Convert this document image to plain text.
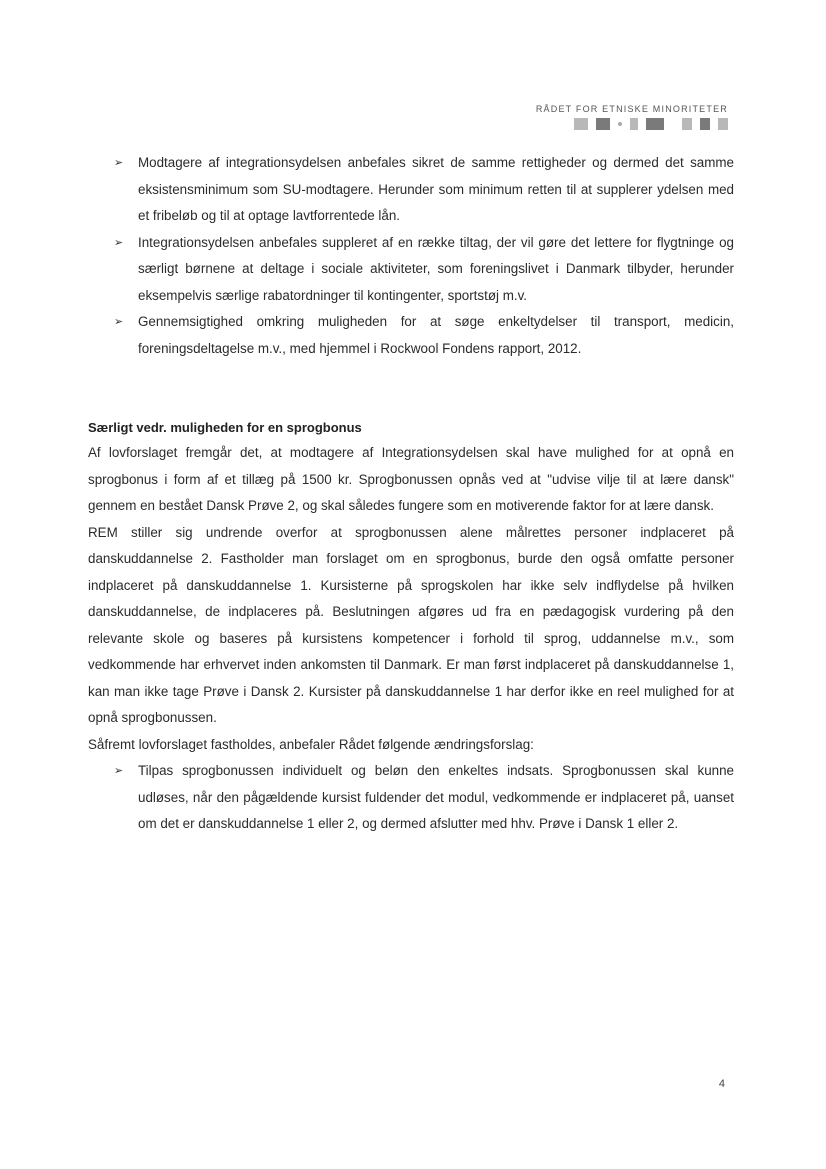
RÅDET FOR ETNISKE MINORITETER
➢ Modtagere af integrationsydelsen anbefales sikret de samme rettigheder og dermed det samme eksistensminimum som SU-modtagere. Herunder som minimum retten til at supplerer ydelsen med et fribeløb og til at optage lavtforrentede lån.
➢ Integrationsydelsen anbefales suppleret af en række tiltag, der vil gøre det lettere for flygtninge og særligt børnene at deltage i sociale aktiviteter, som foreningslivet i Danmark tilbyder, herunder eksempelvis særlige rabatordninger til kontingenter, sportstøj m.v.
➢ Gennemsigtighed omkring muligheden for at søge enkeltydelser til transport, medicin, foreningsdeltagelse m.v., med hjemmel i Rockwool Fondens rapport, 2012.
Særligt vedr. muligheden for en sprogbonus

Af lovforslaget fremgår det, at modtagere af Integrationsydelsen skal have mulighed for at opnå en sprogbonus i form af et tillæg på 1500 kr. Sprogbonussen opnås ved at "udvise vilje til at lære dansk" gennem en bestået Dansk Prøve 2, og skal således fungere som en motiverende faktor for at lære dansk.

REM stiller sig undrende overfor at sprogbonussen alene målrettes personer indplaceret på danskuddannelse 2. Fastholder man forslaget om en sprogbonus, burde den også omfatte personer indplaceret på danskuddannelse 1. Kursisterne på sprogskolen har ikke selv indflydelse på hvilken danskuddannelse, de indplaceres på. Beslutningen afgøres ud fra en pædagogisk vurdering på den relevante skole og baseres på kursistens kompetencer i forhold til sprog, uddannelse m.v., som vedkommende har erhvervet inden ankomsten til Danmark. Er man først indplaceret på danskuddannelse 1, kan man ikke tage Prøve i Dansk 2. Kursister på danskuddannelse 1 har derfor ikke en reel mulighed for at opnå sprogbonussen.

Såfremt lovforslaget fastholdes, anbefaler Rådet følgende ændringsforslag:

➢ Tilpas sprogbonussen individuelt og beløn den enkeltes indsats. Sprogbonussen skal kunne udløses, når den pågældende kursist fuldender det modul, vedkommende er indplaceret på, uanset om det er danskuddannelse 1 eller 2, og dermed afslutter med hhv. Prøve i Dansk 1 eller 2.
4
